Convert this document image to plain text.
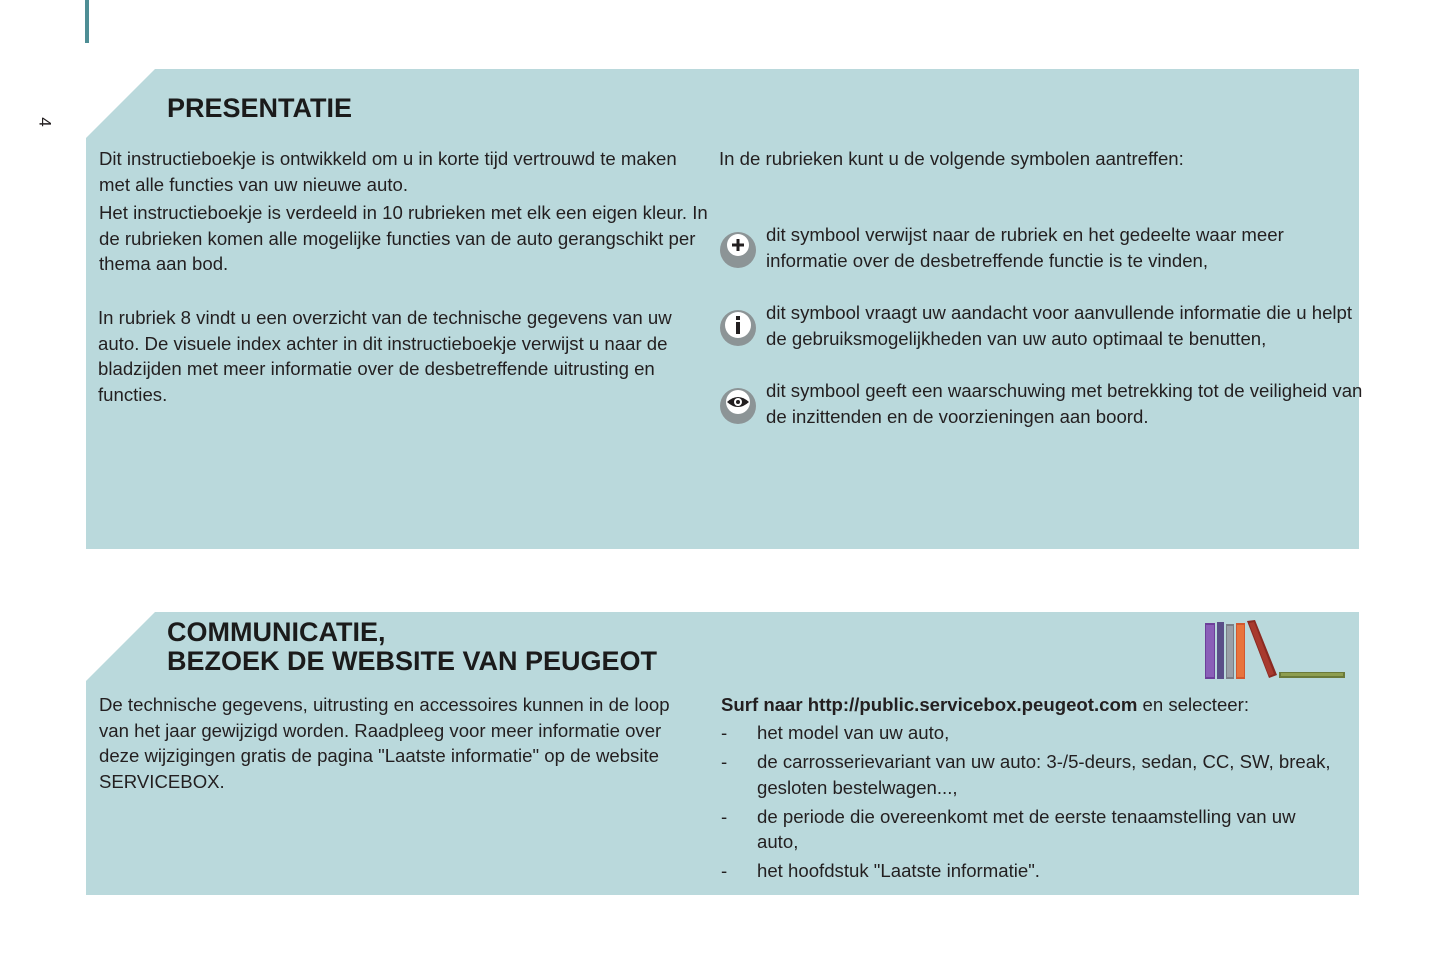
4	PRESENTATIE

Dit instructieboekje is ontwikkeld om u in korte tijd vertrouwd te maken met alle functies van uw nieuwe auto.

Het instructieboekje is verdeeld in 10 rubrieken met elk een eigen kleur. In de rubrieken komen alle mogelijke functies van de auto gerangschikt per thema aan bod.

In rubriek 8 vindt u een overzicht van de technische gegevens van uw auto. De visuele index achter in dit instructieboekje verwijst u naar de bladzijden met meer informatie over de desbetreffende uitrusting en functies.

In de rubrieken kunt u de volgende symbolen aantreffen:

dit symbool verwijst naar de rubriek en het gedeelte waar meer informatie over de desbetreffende functie is te vinden,

dit symbool vraagt uw aandacht voor aanvullende informatie die u helpt de gebruiksmogelijkheden van uw auto optimaal te benutten,

dit symbool geeft een waarschuwing met betrekking tot de veiligheid van de inzittenden en de voorzieningen aan boord.

COMMUNICATIE,
BEZOEK DE WEBSITE VAN PEUGEOT

De technische gegevens, uitrusting en accessoires kunnen in de loop van het jaar gewijzigd worden. Raadpleeg voor meer informatie over deze wijzigingen gratis de pagina "Laatste informatie" op de website SERVICEBOX.

Surf naar http://public.servicebox.peugeot.com en selecteer:

- het model van uw auto,
- de carrosserievariant van uw auto: 3-/5-deurs, sedan, CC, SW, break, gesloten bestelwagen...,
- de periode die overeenkomt met de eerste tenaamstelling van uw auto,
- het hoofdstuk "Laatste informatie".
